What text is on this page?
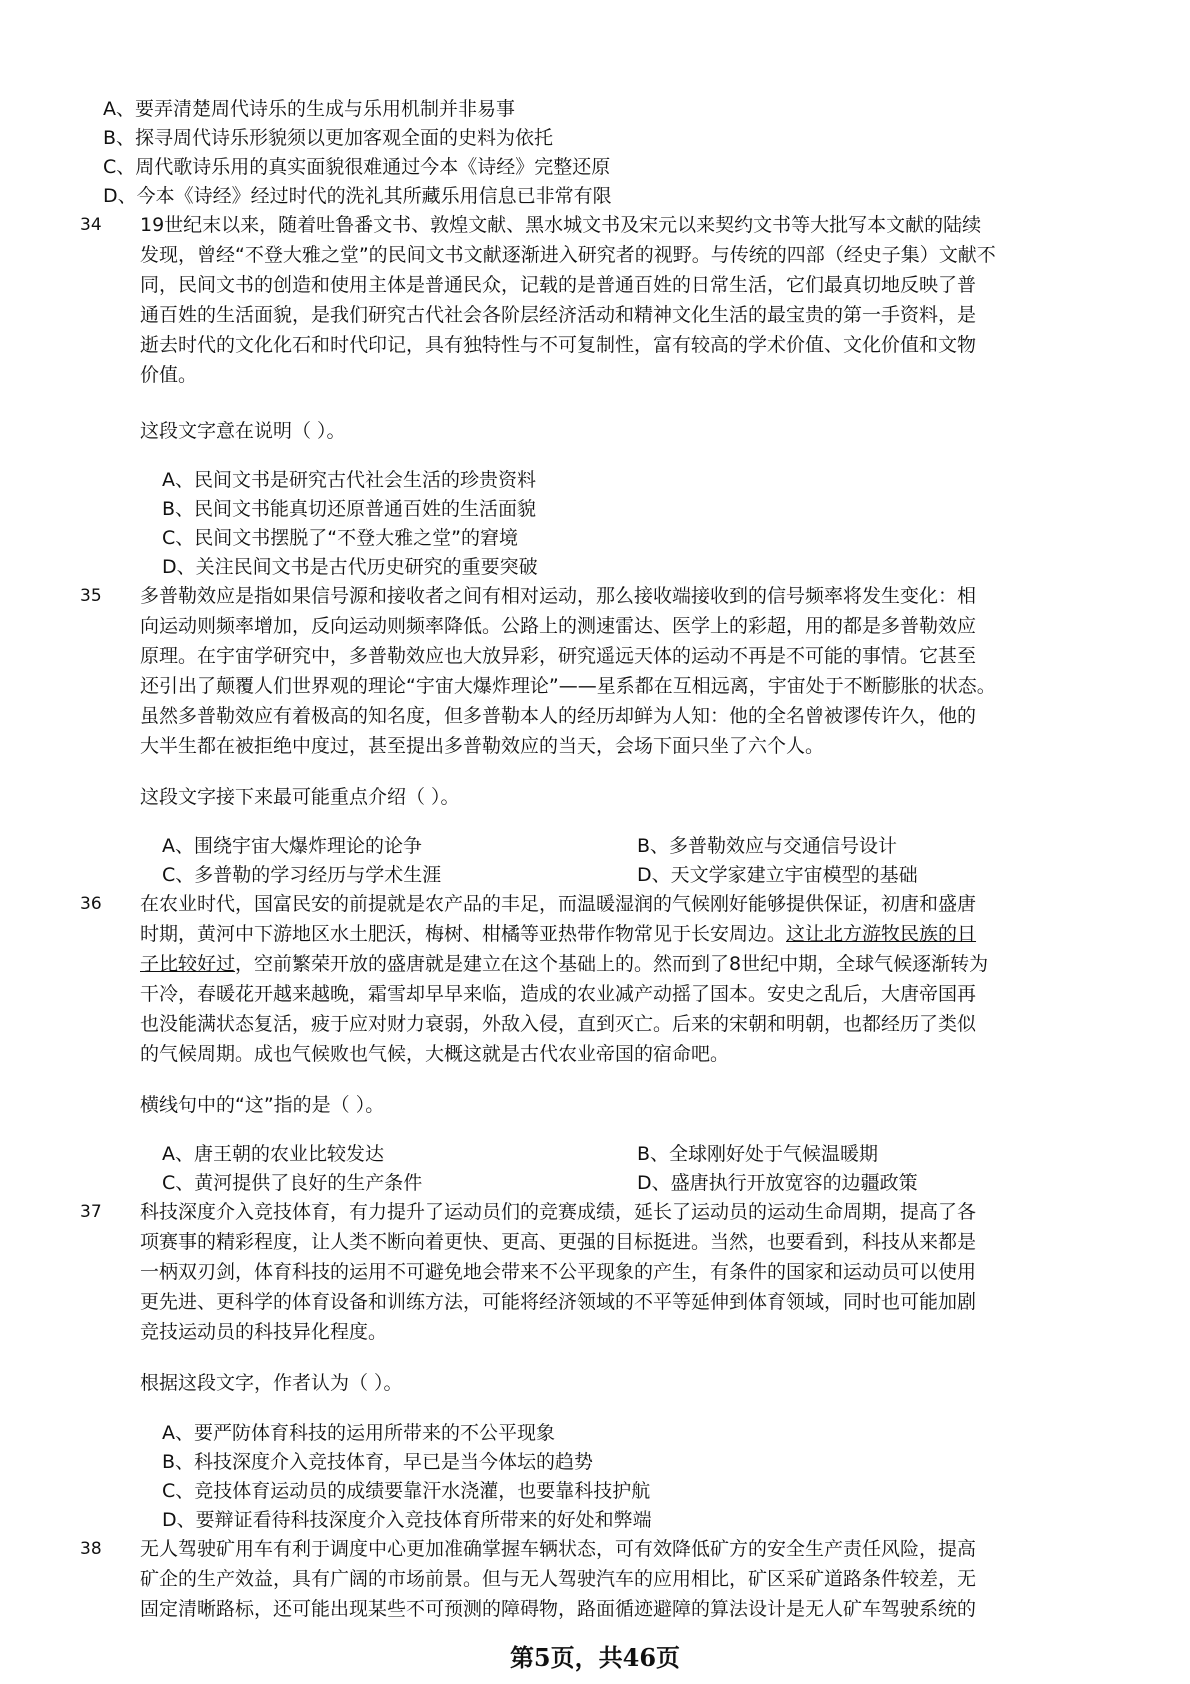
A、要弄清楚周代诗乐的生成与乐用机制并非易事
B、探寻周代诗乐形貌须以更加客观全面的史料为依托
C、周代歌诗乐用的真实面貌很难通过今本《诗经》完整还原
D、今本《诗经》经过时代的洗礼其所藏乐用信息已非常有限
34 19世纪末以来，随着吐鲁番文书、敦煌文献、黑水城文书及宋元以来契约文书等大批写本文献的陆续
发现，曾经“不登大雅之堂”的民间文书文献逐渐进入研究者的视野。与传统的四部（经史子集）文献不
同，民间文书的创造和使用主体是普通民众，记载的是普通百姓的日常生活，它们最真切地反映了普
通百姓的生活面貌，是我们研究古代社会各阶层经济活动和精神文化生活的最宝贵的第一手资料，是
逝去时代的文化化石和时代印记，具有独特性与不可复制性，富有较高的学术价值、文化价值和文物
价值。
这段文字意在说明（ ）。
A、民间文书是研究古代社会生活的珍贵资料
B、民间文书能真切还原普通百姓的生活面貌
C、民间文书摆脱了“不登大雅之堂”的窘境
D、关注民间文书是古代历史研究的重要突破
35 多普勒效应是指如果信号源和接收者之间有相对运动，那么接收端接收到的信号频率将发生变化：相
向运动则频率增加，反向运动则频率降低。公路上的测速雷达、医学上的彩超，用的都是多普勒效应
原理。在宇宙学研究中，多普勒效应也大放异彩，研究遥远天体的运动不再是不可能的事情。它甚至
还引出了颠覆人们世界观的理论“宇宙大爆炸理论”——星系都在互相远离，宇宙处于不断膨胀的状态。
虽然多普勒效应有着极高的知名度，但多普勒本人的经历却鲜为人知：他的全名曾被谬传许久，他的
大半生都在被拒绝中度过，甚至提出多普勒效应的当天，会场下面只坐了六个人。
这段文字接下来最可能重点介绍（ ）。
A、围绕宇宙大爆炸理论的论争	B、多普勒效应与交通信号设计
C、多普勒的学习经历与学术生涯	D、天文学家建立宇宙模型的基础
36 在农业时代，国富民安的前提就是农产品的丰足，而温暖湿润的气候刚好能够提供保证，初唐和盛唐
时期，黄河中下游地区水土肥沃，梅树、柑橘等亚热带作物常见于长安周边。这让北方游牧民族的日
子比较好过，空前繁荣开放的盛唐就是建立在这个基础上的。然而到了8世纪中期，全球气候逐渐转为
干冷，春暖花开越来越晚，霜雪却早早来临，造成的农业减产动摇了国本。安史之乱后，大唐帝国再
也没能满状态复活，疲于应对财力衰弱，外敌入侵，直到灭亡。后来的宋朝和明朝，也都经历了类似
的气候周期。成也气候败也气候，大概这就是古代农业帝国的宿命吧。
横线句中的“这”指的是（ ）。
A、唐王朝的农业比较发达	B、全球刚好处于气候温暖期
C、黄河提供了良好的生产条件	D、盛唐执行开放宽容的边疆政策
37 科技深度介入竞技体育，有力提升了运动员们的竞赛成绩，延长了运动员的运动生命周期，提高了各
项赛事的精彩程度，让人类不断向着更快、更高、更强的目标挺进。当然，也要看到，科技从来都是
一柄双刃剑，体育科技的运用不可避免地会带来不公平现象的产生，有条件的国家和运动员可以使用
更先进、更科学的体育设备和训练方法，可能将经济领域的不平等延伸到体育领域，同时也可能加剧
竞技运动员的科技异化程度。
根据这段文字，作者认为（ ）。
A、要严防体育科技的运用所带来的不公平现象
B、科技深度介入竞技体育，早已是当今体坛的趋势
C、竞技体育运动员的成绩要靠汗水浇灌，也要靠科技护航
D、要辩证看待科技深度介入竞技体育所带来的好处和弊端
38 无人驾驶矿用车有利于调度中心更加准确掌握车辆状态，可有效降低矿方的安全生产责任风险，提高
矿企的生产效益，具有广阔的市场前景。但与无人驾驶汽车的应用相比，矿区采矿道路条件较差，无
固定清晰路标，还可能出现某些不可预测的障碍物，路面循迹避障的算法设计是无人矿车驾驶系统的
第5页，共46页
